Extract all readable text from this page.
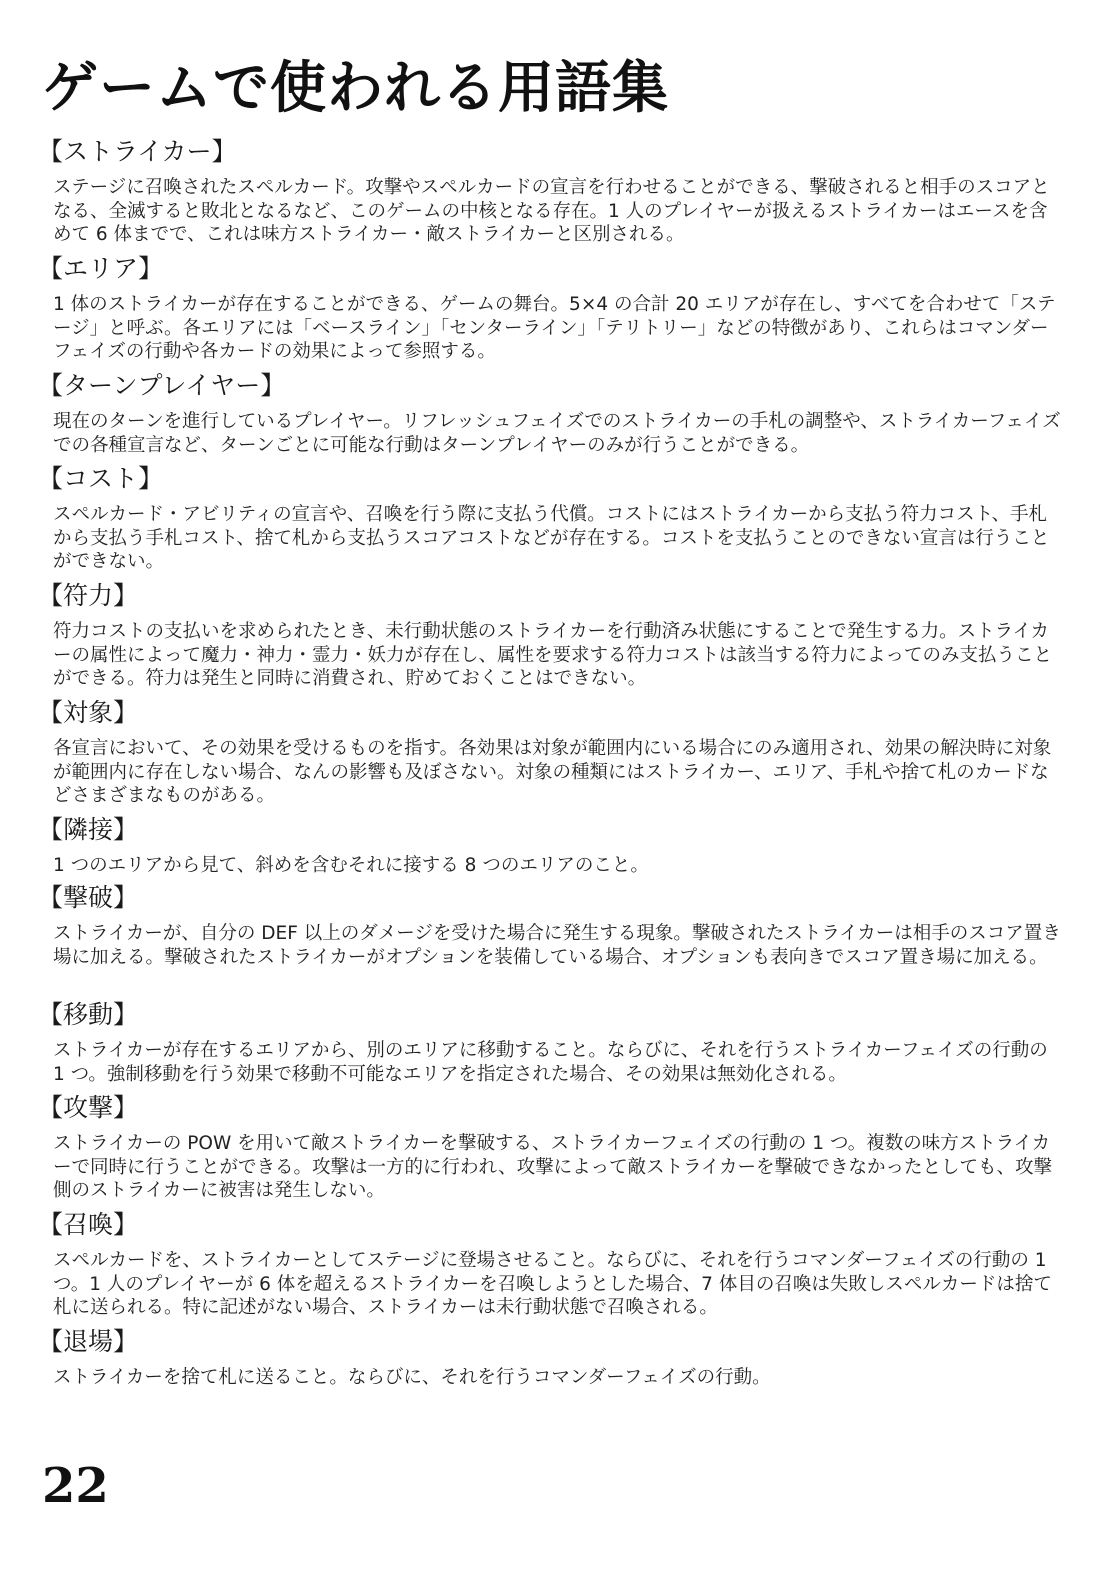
ゲームで使われる用語集
【ストライカー】

ステージに召喚されたスペルカード。攻撃やスペルカードの宣言を行わせることができる、撃破されると相手のスコアとなる、全滅すると敗北となるなど、このゲームの中核となる存在。1 人のプレイヤーが扱えるストライカーはエースを含めて 6 体までで、これは味方ストライカー・敵ストライカーと区別される。

【エリア】

1 体のストライカーが存在することができる、ゲームの舞台。5×4 の合計 20 エリアが存在し、すべてを合わせて「ステージ」と呼ぶ。各エリアには「ベースライン」「センターライン」「テリトリー」などの特徴があり、これらはコマンダーフェイズの行動や各カードの効果によって参照する。

【ターンプレイヤー】

現在のターンを進行しているプレイヤー。リフレッシュフェイズでのストライカーの手札の調整や、ストライカーフェイズでの各種宣言など、ターンごとに可能な行動はターンプレイヤーのみが行うことができる。

【コスト】

スペルカード・アビリティの宣言や、召喚を行う際に支払う代償。コストにはストライカーから支払う符力コスト、手札から支払う手札コスト、捨て札から支払うスコアコストなどが存在する。コストを支払うことのできない宣言は行うことができない。

【符力】

符力コストの支払いを求められたとき、未行動状態のストライカーを行動済み状態にすることで発生する力。ストライカーの属性によって魔力・神力・霊力・妖力が存在し、属性を要求する符力コストは該当する符力によってのみ支払うことができる。符力は発生と同時に消費され、貯めておくことはできない。

【対象】

各宣言において、その効果を受けるものを指す。各効果は対象が範囲内にいる場合にのみ適用され、効果の解決時に対象が範囲内に存在しない場合、なんの影響も及ぼさない。対象の種類にはストライカー、エリア、手札や捨て札のカードなどさまざまなものがある。

【隣接】

1 つのエリアから見て、斜めを含むそれに接する 8 つのエリアのこと。

【撃破】

ストライカーが、自分の DEF 以上のダメージを受けた場合に発生する現象。撃破されたストライカーは相手のスコア置き場に加える。撃破されたストライカーがオプションを装備している場合、オプションも表向きでスコア置き場に加える。

【移動】

ストライカーが存在するエリアから、別のエリアに移動すること。ならびに、それを行うストライカーフェイズの行動の 1 つ。強制移動を行う効果で移動不可能なエリアを指定された場合、その効果は無効化される。

【攻撃】

ストライカーの POW を用いて敵ストライカーを撃破する、ストライカーフェイズの行動の 1 つ。複数の味方ストライカーで同時に行うことができる。攻撃は一方的に行われ、攻撃によって敵ストライカーを撃破できなかったとしても、攻撃側のストライカーに被害は発生しない。

【召喚】

スペルカードを、ストライカーとしてステージに登場させること。ならびに、それを行うコマンダーフェイズの行動の 1 つ。1 人のプレイヤーが 6 体を超えるストライカーを召喚しようとした場合、7 体目の召喚は失敗しスペルカードは捨て札に送られる。特に記述がない場合、ストライカーは未行動状態で召喚される。

【退場】

ストライカーを捨て札に送ること。ならびに、それを行うコマンダーフェイズの行動。

22
